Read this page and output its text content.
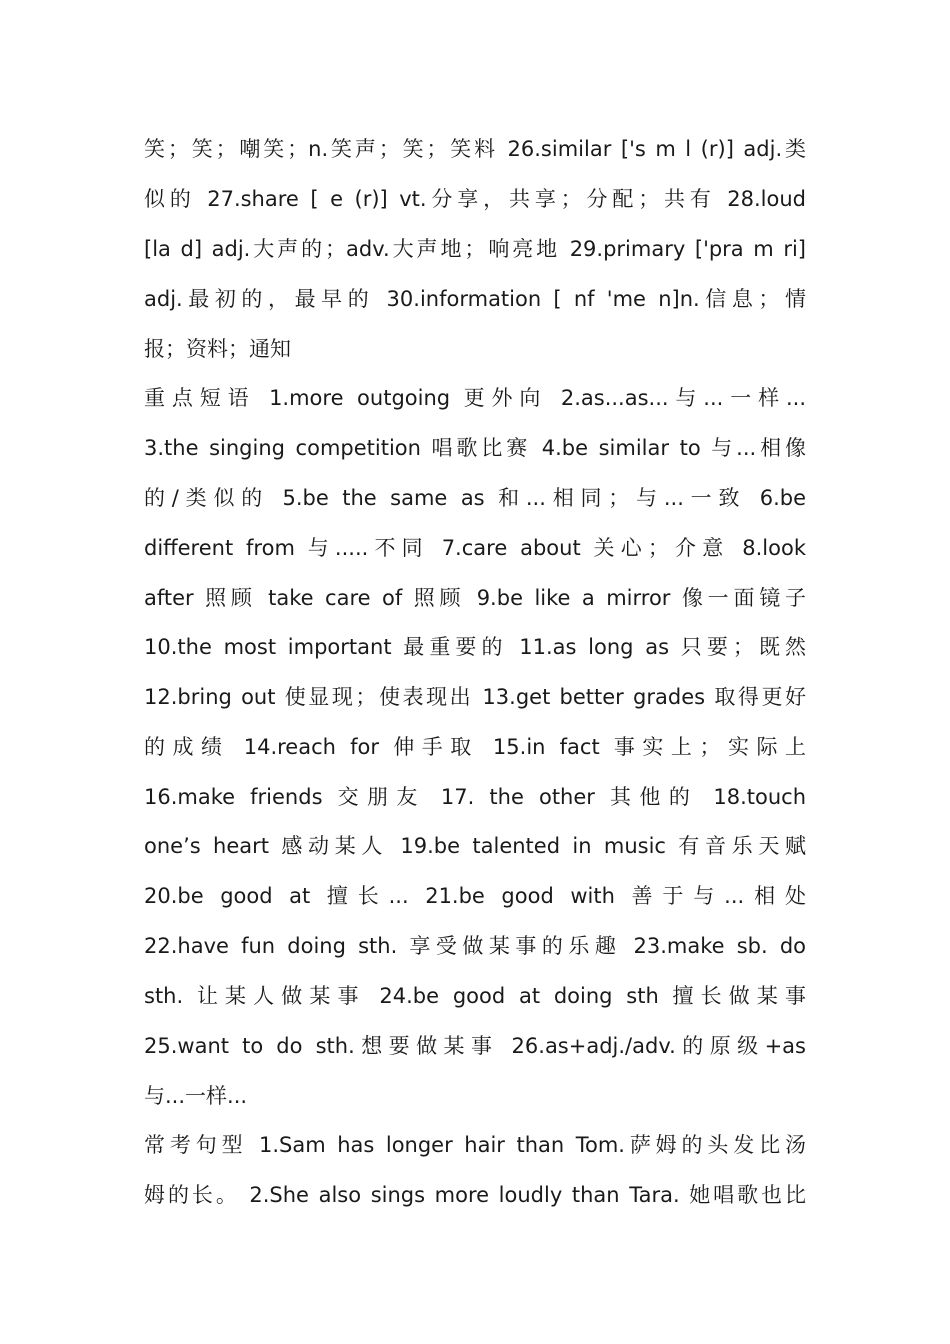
笑；笑；嘲笑；n.笑声；笑；笑料 26.similar ['s m l (r)] adj.类
似的 27.share [ e (r)] vt.分享，共享；分配；共有 28.loud
[la d] adj.大声的；adv.大声地；响亮地 29.primary ['pra m ri]
adj.最初的，最早的 30.information [ nf 'me n]n.信息；情
报；资料；通知
重点短语 1.more outgoing 更外向 2.as...as...与...一样...
3.the singing competition 唱歌比赛 4.be similar to 与...相像
的/类似的 5.be the same as 和...相同；与...一致 6.be
different from 与.....不同 7.care about 关心；介意 8.look
after 照顾 take care of 照顾 9.be like a mirror 像一面镜子
10.the most important 最重要的 11.as long as 只要；既然
12.bring out 使显现；使表现出 13.get better grades 取得更好
的成绩 14.reach for 伸手取 15.in fact 事实上；实际上
16.make friends 交朋友 17. the other 其他的 18.touch
one’s heart 感动某人 19.be talented in music 有音乐天赋
20.be good at 擅长... 21.be good with 善于与...相处
22.have fun doing sth. 享受做某事的乐趣 23.make sb. do
sth. 让某人做某事 24.be good at doing sth 擅长做某事
25.want to do sth.想要做某事 26.as+adj./adv.的原级+as
与...一样...
常考句型 1.Sam has longer hair than Tom.萨姆的头发比汤
姆的长。 2.She also sings more loudly than Tara. 她唱歌也比
